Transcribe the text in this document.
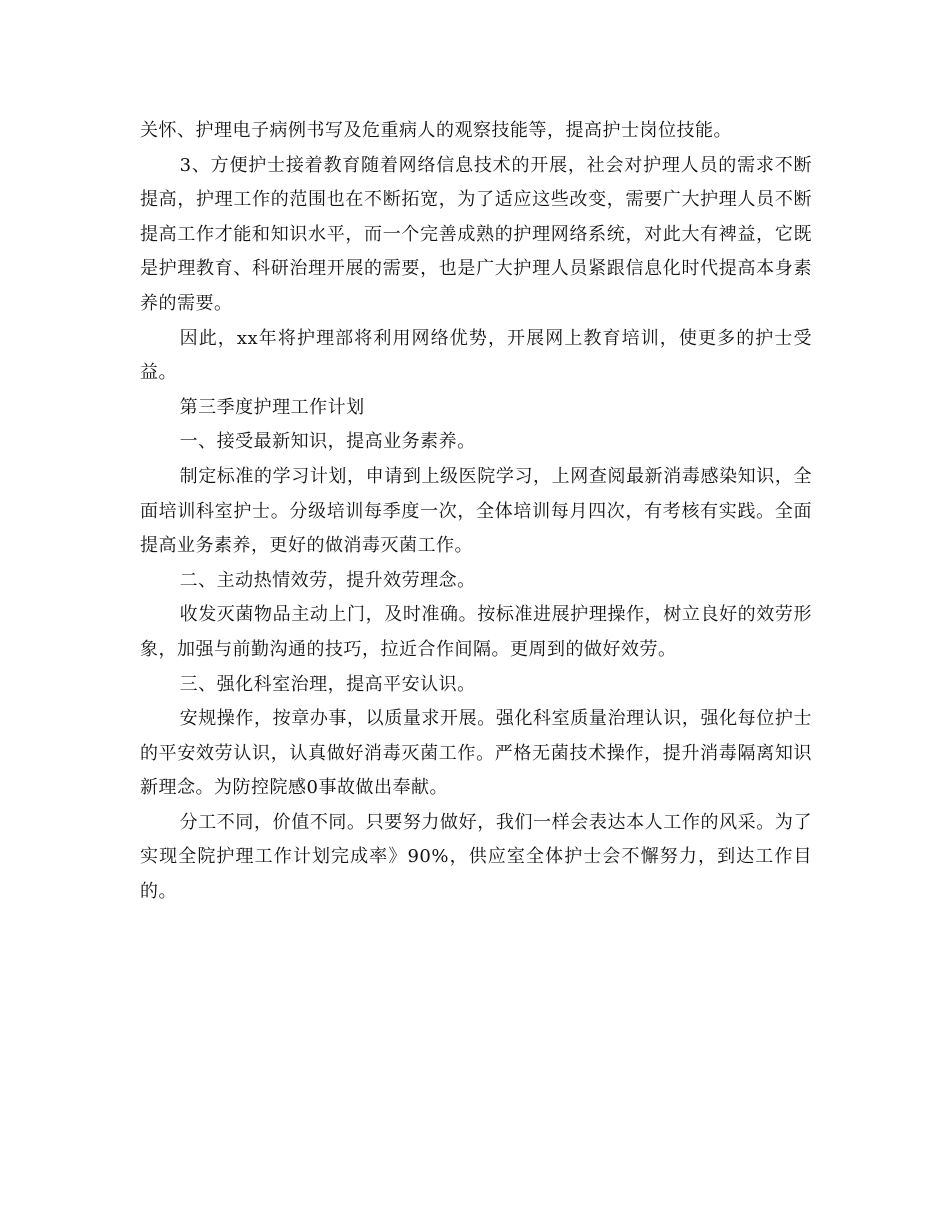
关怀、护理电子病例书写及危重病人的观察技能等，提高护士岗位技能。

3、方便护士接着教育随着网络信息技术的开展，社会对护理人员的需求不断提高，护理工作的范围也在不断拓宽，为了适应这些改变，需要广大护理人员不断提高工作才能和知识水平，而一个完善成熟的护理网络系统，对此大有裨益，它既是护理教育、科研治理开展的需要，也是广大护理人员紧跟信息化时代提高本身素养的需要。

因此，xx年将护理部将利用网络优势，开展网上教育培训，使更多的护士受益。

第三季度护理工作计划

一、接受最新知识，提高业务素养。

制定标准的学习计划，申请到上级医院学习，上网查阅最新消毒感染知识，全面培训科室护士。分级培训每季度一次，全体培训每月四次，有考核有实践。全面提高业务素养，更好的做消毒灭菌工作。

二、主动热情效劳，提升效劳理念。

收发灭菌物品主动上门，及时准确。按标准进展护理操作，树立良好的效劳形象，加强与前勤沟通的技巧，拉近合作间隔。更周到的做好效劳。

三、强化科室治理，提高平安认识。

安规操作，按章办事，以质量求开展。强化科室质量治理认识，强化每位护士的平安效劳认识，认真做好消毒灭菌工作。严格无菌技术操作，提升消毒隔离知识新理念。为防控院感0事故做出奉献。

分工不同，价值不同。只要努力做好，我们一样会表达本人工作的风采。为了实现全院护理工作计划完成率》90%，供应室全体护士会不懈努力，到达工作目的。
